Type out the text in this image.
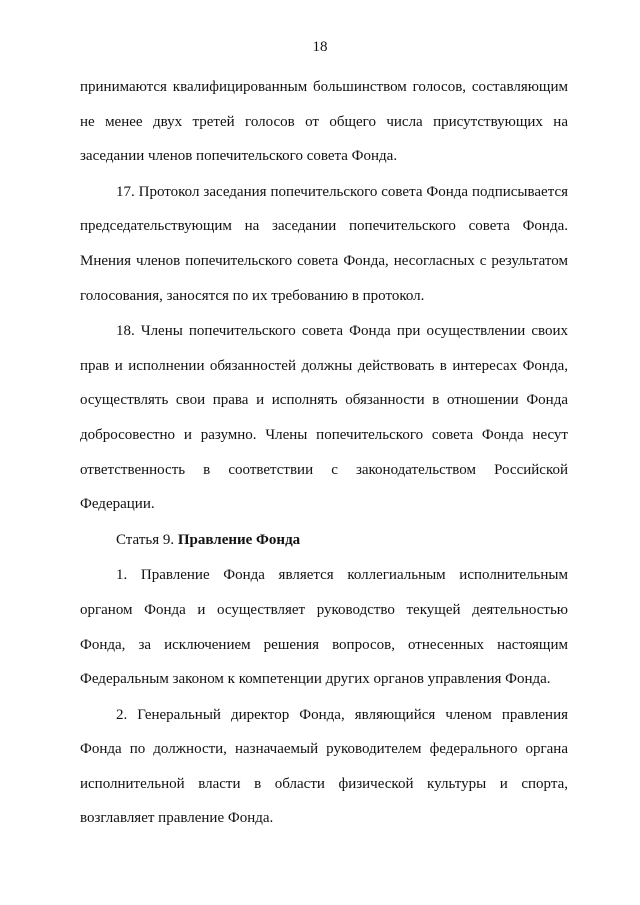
18

принимаются квалифицированным большинством голосов, составляющим не менее двух третей голосов от общего числа присутствующих на заседании членов попечительского совета Фонда.

17. Протокол заседания попечительского совета Фонда подписывается председательствующим на заседании попечительского совета Фонда. Мнения членов попечительского совета Фонда, несогласных с результатом голосования, заносятся по их требованию в протокол.

18. Члены попечительского совета Фонда при осуществлении своих прав и исполнении обязанностей должны действовать в интересах Фонда, осуществлять свои права и исполнять обязанности в отношении Фонда добросовестно и разумно. Члены попечительского совета Фонда несут ответственность в соответствии с законодательством Российской Федерации.

Статья 9. Правление Фонда

1. Правление Фонда является коллегиальным исполнительным органом Фонда и осуществляет руководство текущей деятельностью Фонда, за исключением решения вопросов, отнесенных настоящим Федеральным законом к компетенции других органов управления Фонда.

2. Генеральный директор Фонда, являющийся членом правления Фонда по должности, назначаемый руководителем федерального органа исполнительной власти в области физической культуры и спорта, возглавляет правление Фонда.
